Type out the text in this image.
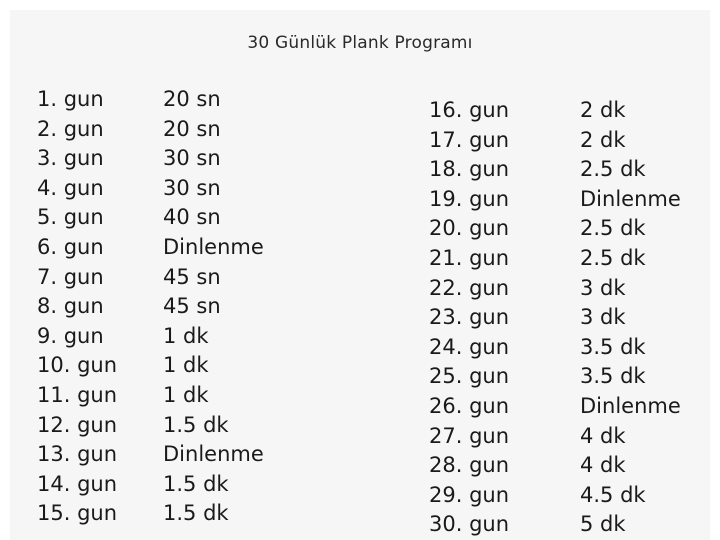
30 Günlük Plank Programı
1. gun	20 sn
2. gun	20 sn
3. gun	30 sn
4. gun	30 sn
5. gun	40 sn
6. gun	Dinlenme
7. gun	45 sn
8. gun	45 sn
9. gun	1 dk
10. gun 1 dk
11. gun 1 dk
12. gun 1.5 dk
13. gun Dinlenme
14. gun 1.5 dk
15. gun 1.5 dk
16. gun	2 dk
17. gun	2 dk
18. gun	2.5 dk
19. gun	Dinlenme
20. gun	2.5 dk
21. gun	2.5 dk
22. gun	3 dk
23. gun	3 dk
24. gun	3.5 dk
25. gun	3.5 dk
26. gun	Dinlenme
27. gun	4 dk
28. gun	4 dk
29. gun	4.5 dk
30. gun	5 dk
